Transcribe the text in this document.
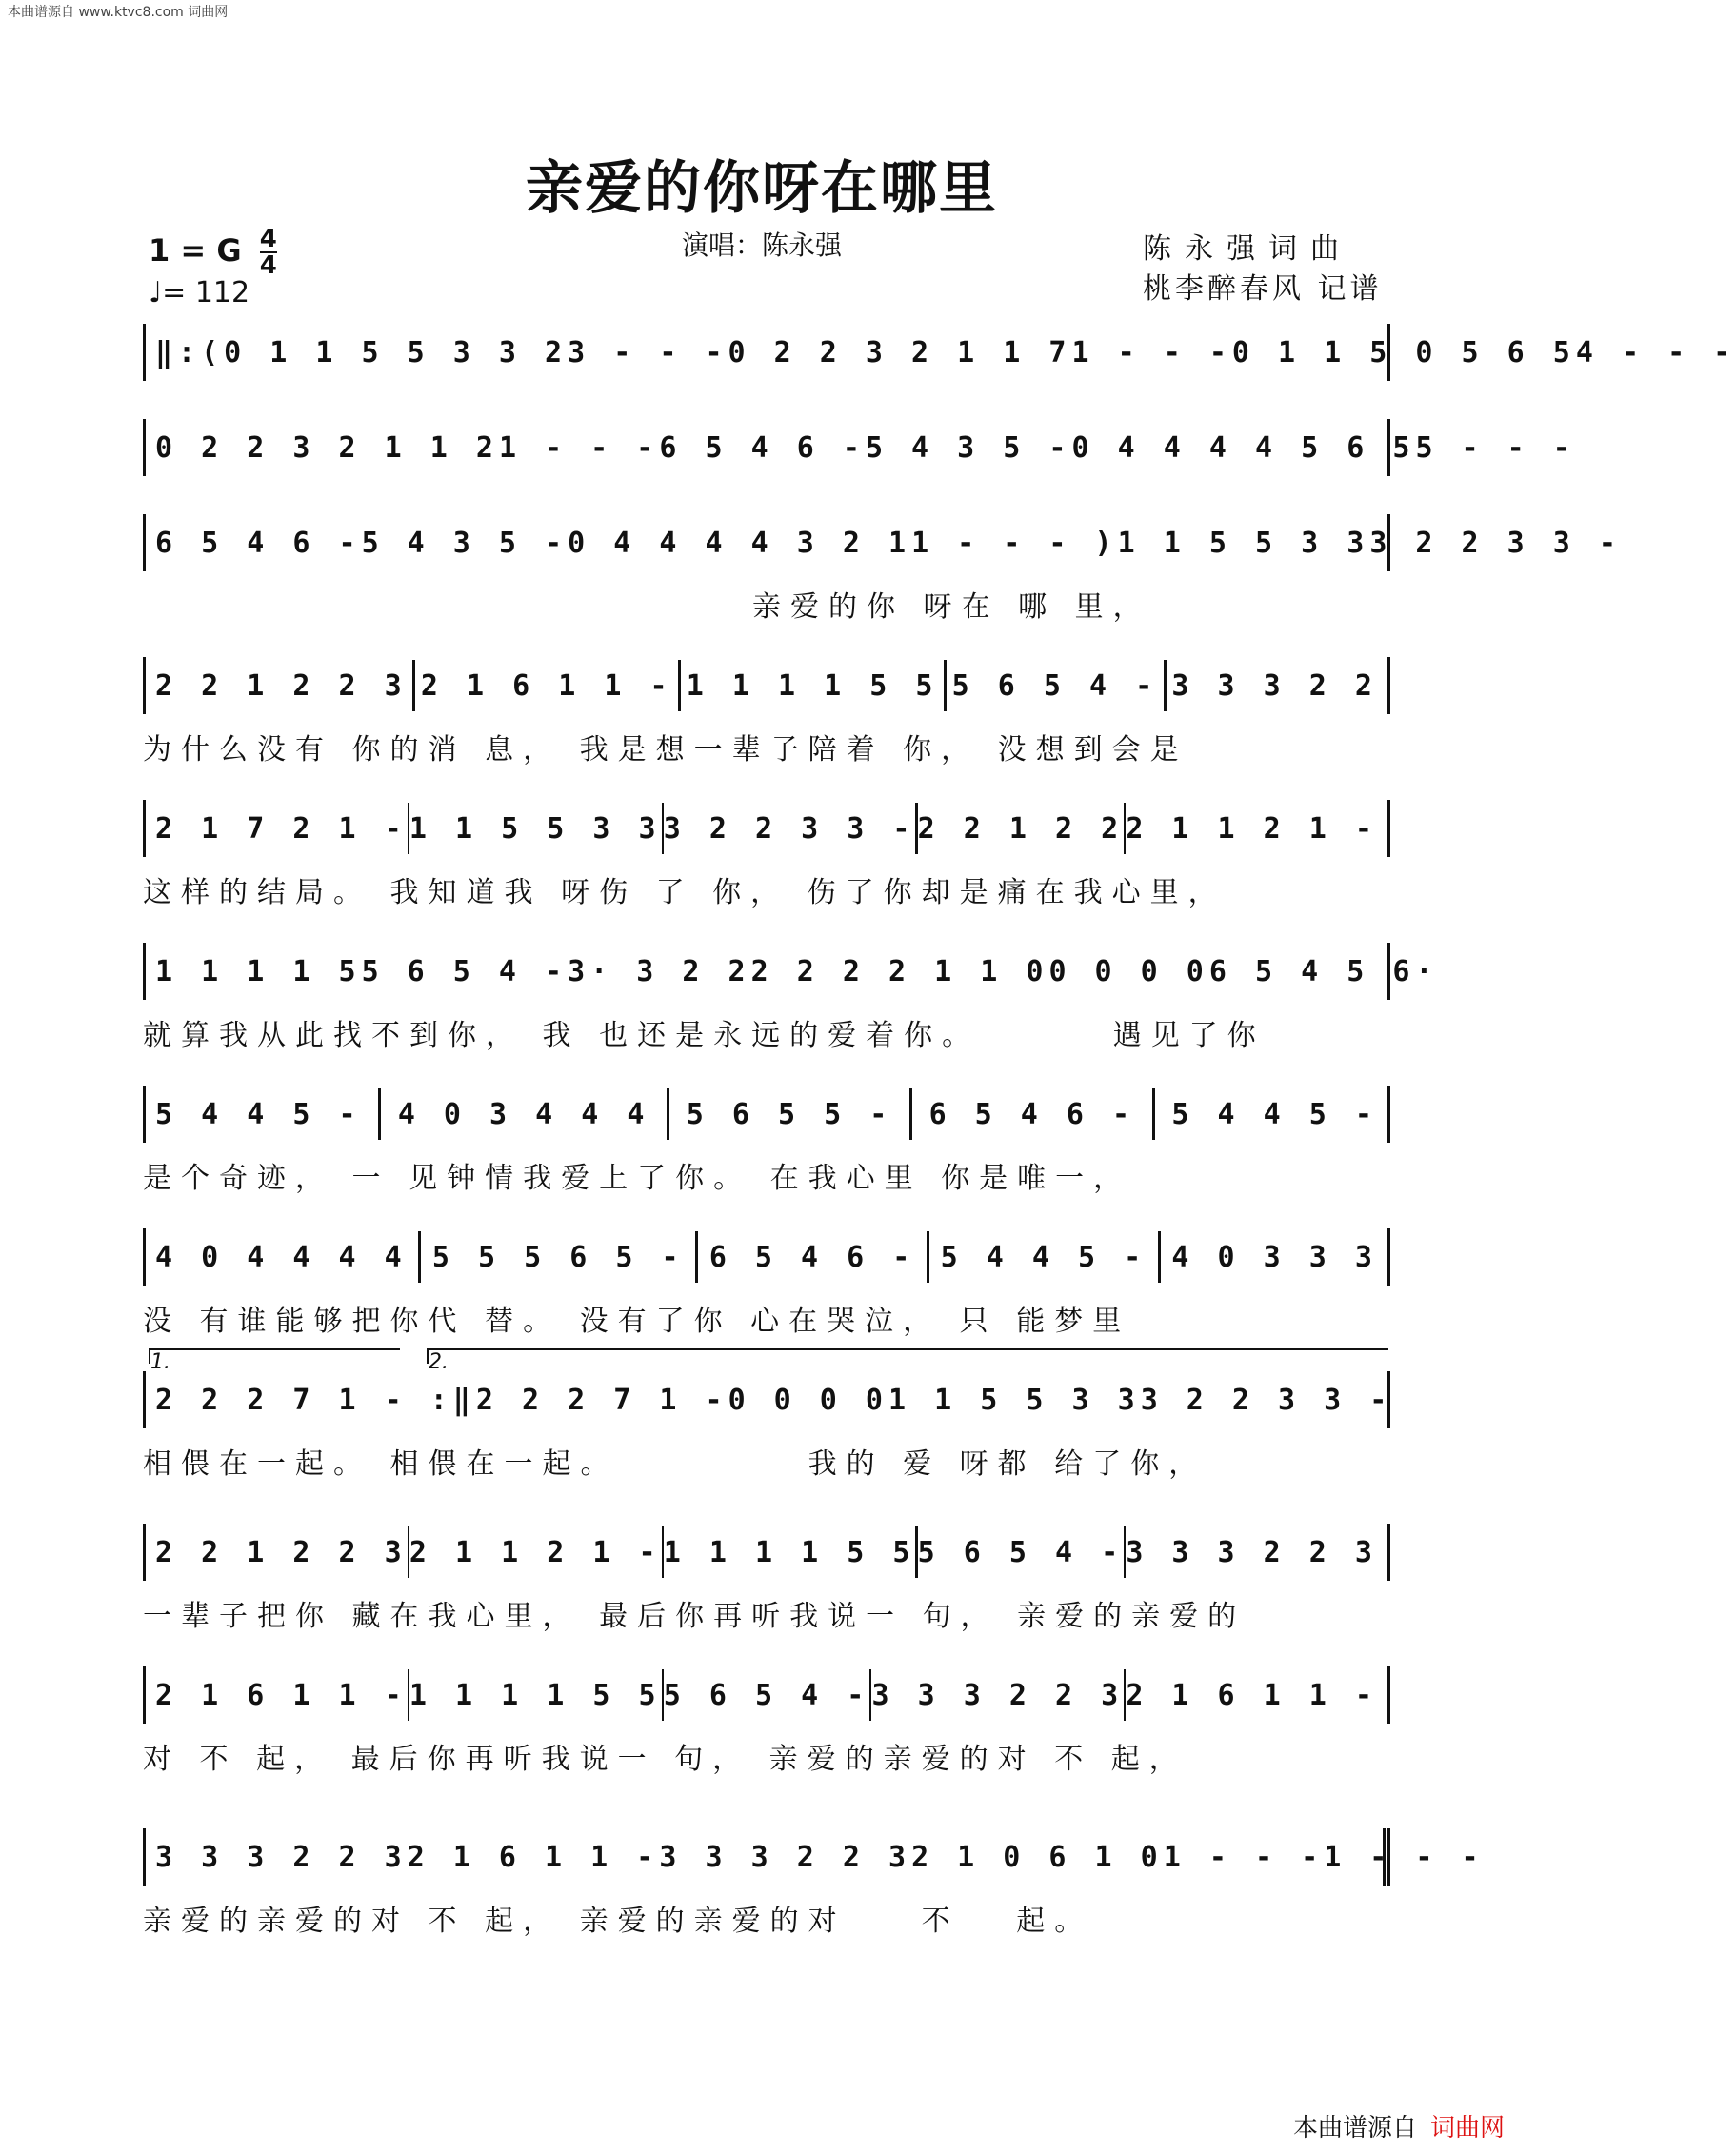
本曲谱源自 www.ktvc8.com 词曲网
亲爱的你呀在哪里
1 = G $\frac{4}{4}$
♩= 112
演唱：陈永强	陈永强词曲
桃李醉春风 记谱
‖:(0 1 1 5 5 3 3 2 3 - - - 0 2 2 3 2 1 1 7 1 - - - 0 1 1 5 0 5 6 5 4 - - -
0 2 2 3 2 1 1 2 1 - - - 6 5 4 6 - 5 4 3 5 - 0 4 4 4 4 5 6 5 5 - - -
6 5 4 6 - 5 4 3 5 - 0 4 4 4 4 3 2 1 1 - - - ) 1 1 5 5 3 3 3 2 2 3 3 -
　　　　　　　　　　　　　　　　亲爱的你 呀在 哪 里，
2 2 1 2 2 3 2 1 6 1 1 - 1 1 1 1 5 5 5 6 5 4 - 3 3 3 2 2
为什么没有 你的消 息， 我是想一辈子陪着 你， 没想到会是
2 1 7 2 1 - 1 1 5 5 3 3 3 2 2 3 3 - 2 2 1 2 2 2 1 1 2 1 -
这样的结局。 我知道我 呀伤 了 你， 伤了你却是痛在我心里，
1 1 1 1 5 5 6 5 4 - 3· 3 2 2 2 2 2 2 1 1 0 0 0 0 0 6 5 4 5 6·
就算我从此找不到你， 我 也还是永远的爱着你。 　　　遇见了你
5 4 4 5 - 4 0 3 4 4 4 5 6 5 5 - 6 5 4 6 - 5 4 4 5 -
是个奇迹， 一 见钟情我爱上了你。 在我心里 你是唯一，
4 0 4 4 4 4 5 5 5 6 5 - 6 5 4 6 - 5 4 4 5 - 4 0 3 3 3
没 有谁能够把你代 替。 没有了你 心在哭泣， 只 能梦里
2 2 2 7 1 - :‖ 2 2 2 7 1 - 0 0 0 0 1 1 5 5 3 3 3 2 2 3 3 -
相偎在一起。 相偎在一起。 　　　　 我的 爱 呀都 给了你，
2 2 1 2 2 3 2 1 1 2 1 - 1 1 1 1 5 5 5 6 5 4 - 3 3 3 2 2 3
一辈子把你 藏在我心里， 最后你再听我说一 句， 亲爱的亲爱的
2 1 6 1 1 - 1 1 1 1 5 5 5 6 5 4 - 3 3 3 2 2 3 2 1 6 1 1 -
对 不 起， 最后你再听我说一 句， 亲爱的亲爱的对 不 起，
3 3 3 2 2 3 2 1 6 1 1 - 3 3 3 2 2 3 2 1 0 6 1 0 1 - - - 1 - - -
亲爱的亲爱的对 不 起， 亲爱的亲爱的对 　 不 　起。
1.	2.
本曲谱源自 词曲网
